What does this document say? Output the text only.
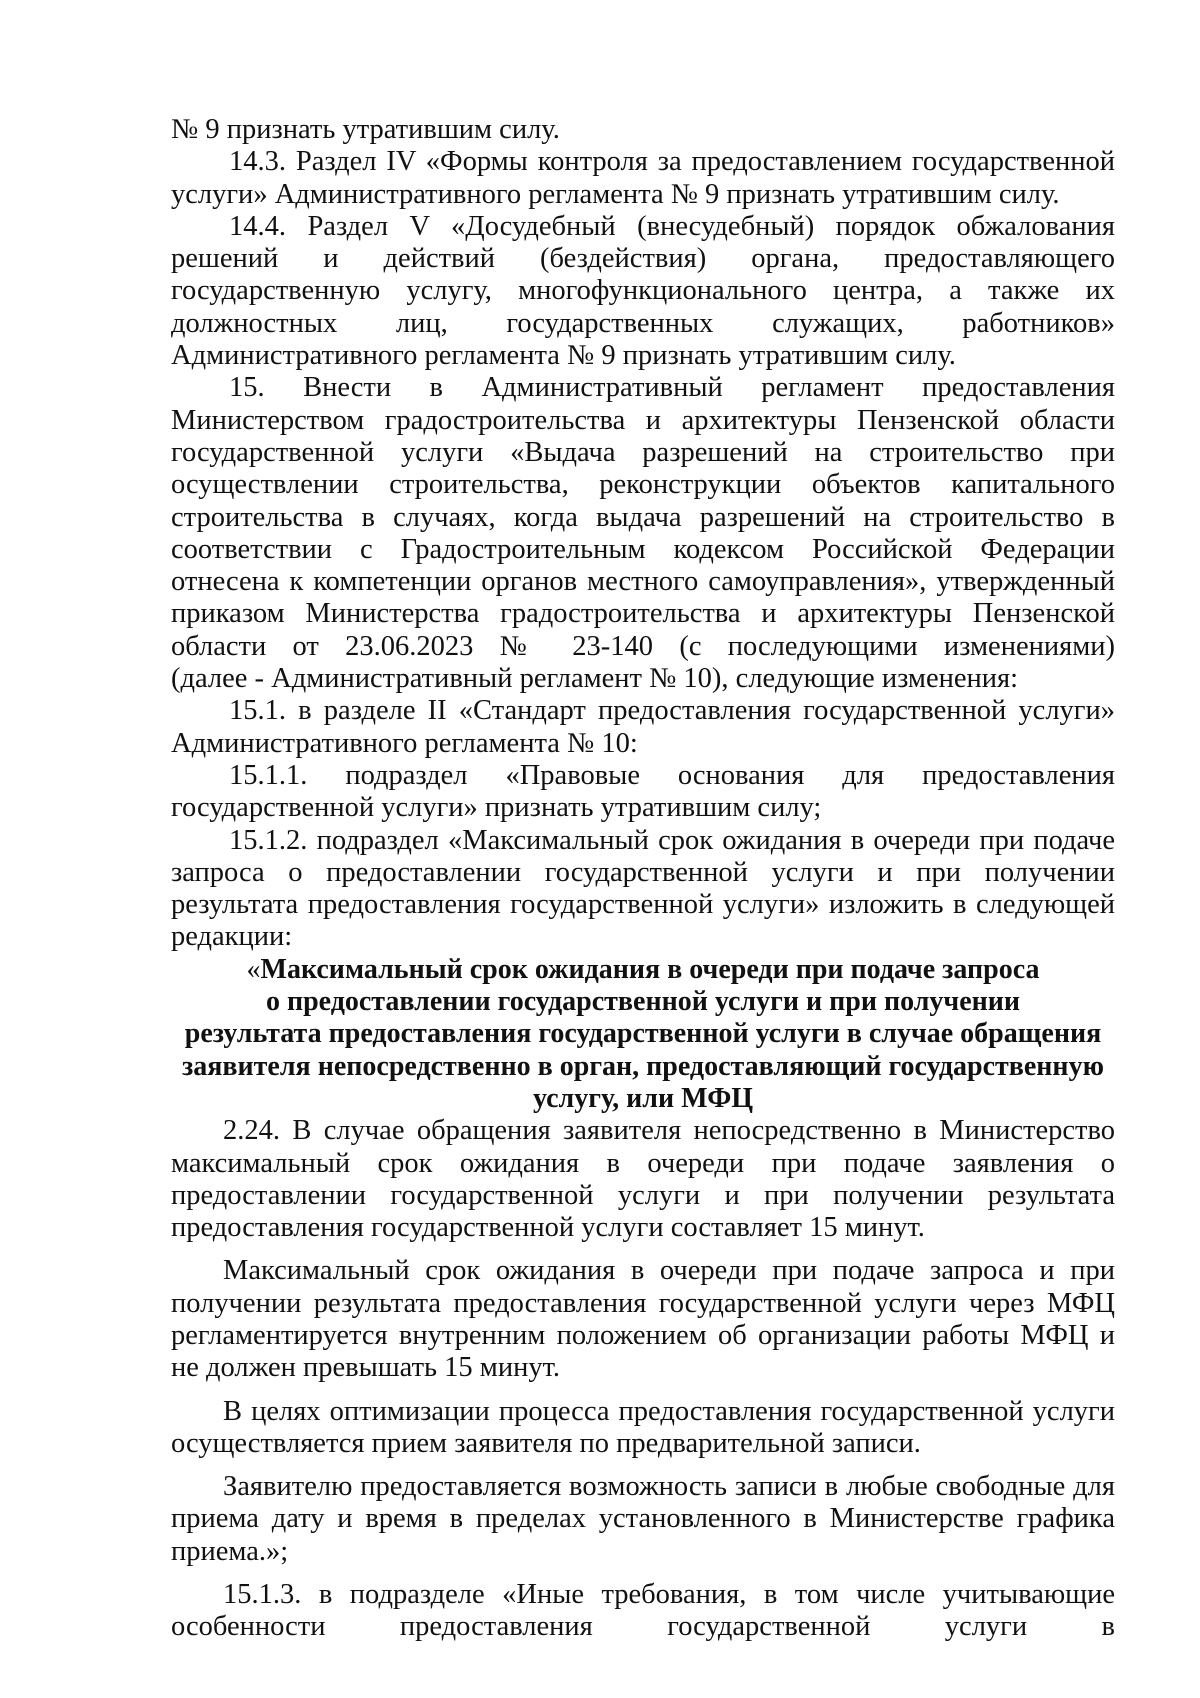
№ 9 признать утратившим силу.

14.3. Раздел IV «Формы контроля за предоставлением государственной услуги» Административного регламента № 9 признать утратившим силу.

14.4. Раздел V «Досудебный (внесудебный) порядок обжалования решений и действий (бездействия) органа, предоставляющего государственную услугу, многофункционального центра, а также их должностных лиц, государственных служащих, работников» Административного регламента № 9 признать утратившим силу.

15. Внести в Административный регламент предоставления Министерством градостроительства и архитектуры Пензенской области государственной услуги «Выдача разрешений на строительство при осуществлении строительства, реконструкции объектов капитального строительства в случаях, когда выдача разрешений на строительство в соответствии с Градостроительным кодексом Российской Федерации отнесена к компетенции органов местного самоуправления», утвержденный приказом Министерства градостроительства и архитектуры Пензенской области от 23.06.2023 № 23-140 (с последующими изменениями)

(далее - Административный регламент № 10), следующие изменения:

15.1. в разделе II «Стандарт предоставления государственной услуги» Административного регламента № 10:

15.1.1. подраздел «Правовые основания для предоставления государственной услуги» признать утратившим силу;

15.1.2. подраздел «Максимальный срок ожидания в очереди при подаче запроса о предоставлении государственной услуги и при получении результата предоставления государственной услуги» изложить в следующей редакции:

«Максимальный срок ожидания в очереди при подаче запроса
о предоставлении государственной услуги и при получении
результата предоставления государственной услуги в случае обращения
заявителя непосредственно в орган, предоставляющий государственную
услугу, или МФЦ

2.24. В случае обращения заявителя непосредственно в Министерство максимальный срок ожидания в очереди при подаче заявления о предоставлении государственной услуги и при получении результата предоставления государственной услуги составляет 15 минут.

Максимальный срок ожидания в очереди при подаче запроса и при получении результата предоставления государственной услуги через МФЦ регламентируется внутренним положением об организации работы МФЦ и не должен превышать 15 минут.

В целях оптимизации процесса предоставления государственной услуги осуществляется прием заявителя по предварительной записи.

Заявителю предоставляется возможность записи в любые свободные для приема дату и время в пределах установленного в Министерстве графика приема.»;

15.1.3. в подразделе «Иные требования, в том числе учитывающие особенности предоставления государственной услуги в
